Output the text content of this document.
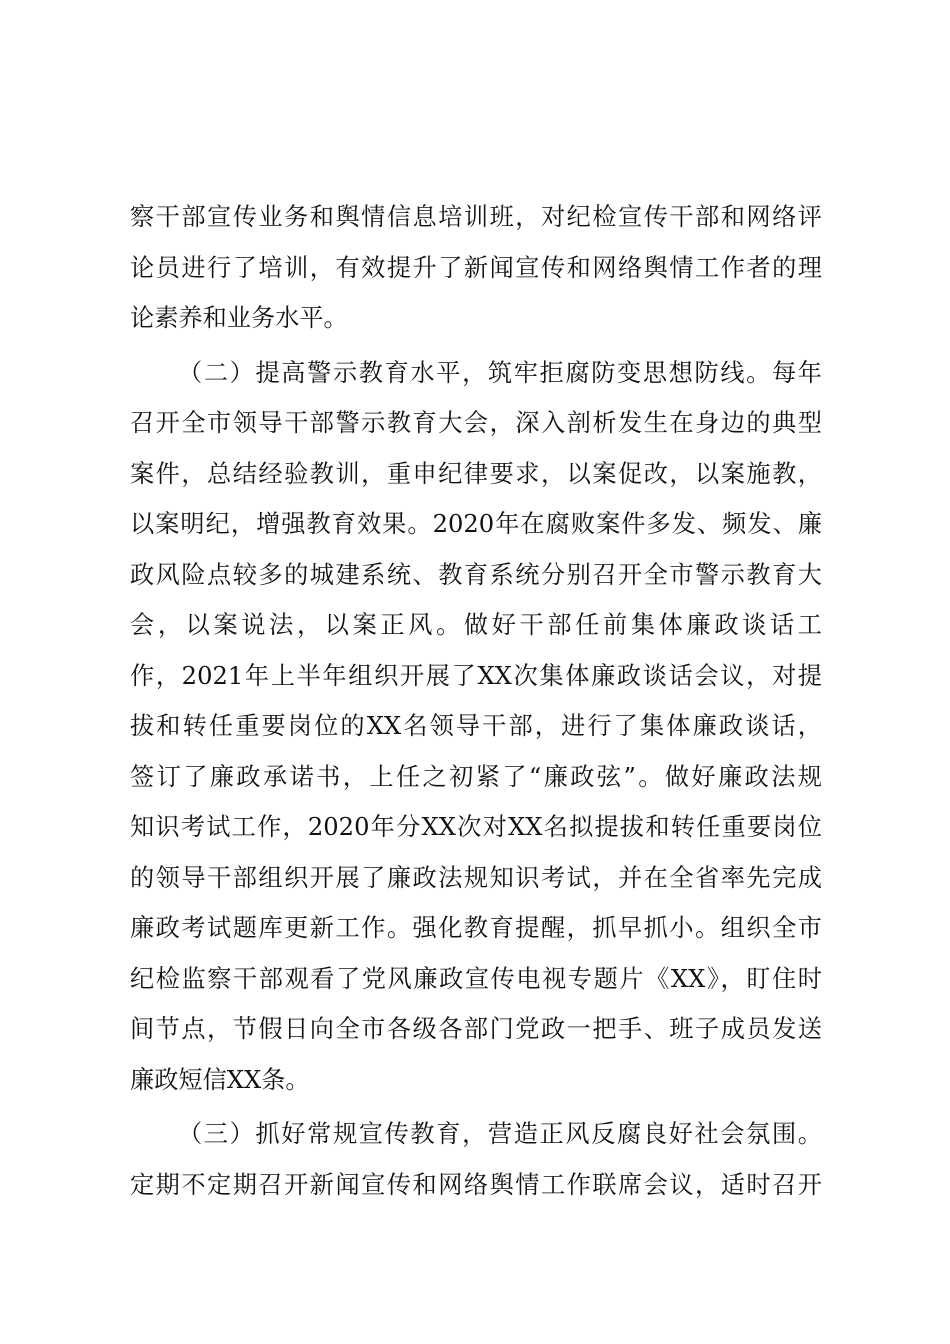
察干部宣传业务和舆情信息培训班，对纪检宣传干部和网络评
论员进行了培训，有效提升了新闻宣传和网络舆情工作者的理
论素养和业务水平。
（二）提高警示教育水平，筑牢拒腐防变思想防线。每年
召开全市领导干部警示教育大会，深入剖析发生在身边的典型
案件，总结经验教训，重申纪律要求，以案促改，以案施教，
以案明纪，增强教育效果。2020年在腐败案件多发、频发、廉
政风险点较多的城建系统、教育系统分别召开全市警示教育大
会，以案说法，以案正风。做好干部任前集体廉政谈话工
作，2021年上半年组织开展了XX次集体廉政谈话会议，对提
拔和转任重要岗位的XX名领导干部，进行了集体廉政谈话，
签订了廉政承诺书，上任之初紧了“廉政弦”。做好廉政法规
知识考试工作，2020年分XX次对XX名拟提拔和转任重要岗位
的领导干部组织开展了廉政法规知识考试，并在全省率先完成
廉政考试题库更新工作。强化教育提醒，抓早抓小。组织全市
纪检监察干部观看了党风廉政宣传电视专题片《XX》，盯住时
间节点，节假日向全市各级各部门党政一把手、班子成员发送
廉政短信XX条。
（三）抓好常规宣传教育，营造正风反腐良好社会氛围。
定期不定期召开新闻宣传和网络舆情工作联席会议，适时召开
